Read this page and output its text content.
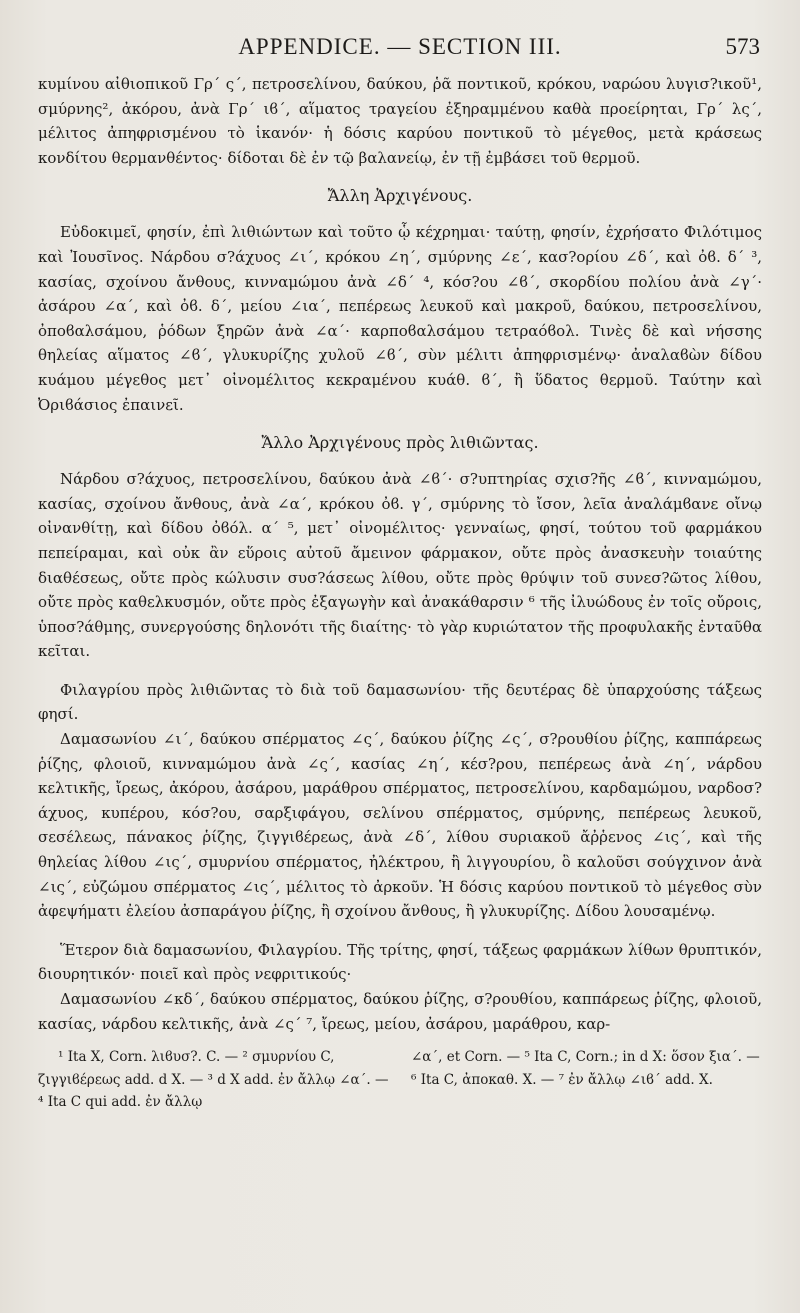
APPENDICE. — SECTION III.	573

κυμίνου αἰθιοπικοῦ Γρ΄ ς΄, πετροσελίνου, δαύκου, ῥᾶ ποντικοῦ, κρόκου, ναρώου λυγισ?ικοῦ¹, σμύρνης², ἀκόρου, ἀνὰ Γρ΄ ιϐ΄, αἵματος τραγείου ἐξηραμμένου καθὰ προείρηται, Γρ΄ λς΄, μέλιτος ἀπηφρισμένου τὸ ἱκανόν· ἡ δόσις καρύου ποντικοῦ τὸ μέγεθος, μετὰ κράσεως κονδίτου θερμανθέντος· δίδοται δὲ ἐν τῷ βαλανείῳ, ἐν τῇ ἐμβάσει τοῦ θερμοῦ.

Ἄλλη Ἀρχιγένους.

Εὐδοκιμεῖ, φησίν, ἐπὶ λιθιώντων καὶ τοῦτο ᾧ κέχρημαι· ταύτῃ, φησίν, ἐχρήσατο Φιλότιμος καὶ Ἰουσῖνος. Νάρδου σ?άχυος ∠ι΄, κρόκου ∠η΄, σμύρνης ∠ε΄, κασ?ορίου ∠δ΄, καὶ ὀϐ. δ΄ ³, κασίας, σχοίνου ἄνθους, κινναμώμου ἀνὰ ∠δ΄ ⁴, κόσ?ου ∠ϐ΄, σκορδίου πολίου ἀνὰ ∠γ΄· ἀσάρου ∠α΄, καὶ ὀϐ. δ΄, μείου ∠ια΄, πεπέρεως λευκοῦ καὶ μακροῦ, δαύκου, πετροσελίνου, ὀποϐαλσάμου, ῥόδων ξηρῶν ἀνὰ ∠α΄· καρποϐαλσάμου τετραόϐολ. Τινὲς δὲ καὶ νήσσης θηλείας αἵματος ∠ϐ΄, γλυκυρίζης χυλοῦ ∠ϐ΄, σὺν μέλιτι ἀπηφρισμένῳ· ἀναλαϐὼν δίδου κυάμου μέγεθος μετ᾽ οἰνομέλιτος κεκραμένου κυάθ. ϐ΄, ἢ ὕδατος θερμοῦ. Ταύτην καὶ Ὀριϐάσιος ἐπαινεῖ.

Ἄλλο Ἀρχιγένους πρὸς λιθιῶντας.

Νάρδου σ?άχυος, πετροσελίνου, δαύκου ἀνὰ ∠ϐ΄· σ?υπτηρίας σχισ?ῆς ∠ϐ΄, κινναμώμου, κασίας, σχοίνου ἄνθους, ἀνὰ ∠α΄, κρόκου ὀϐ. γ΄, σμύρνης τὸ ἴσον, λεῖα ἀναλάμϐανε οἴνῳ οἰνανθίτῃ, καὶ δίδου ὀϐόλ. α΄ ⁵, μετ᾽ οἰνομέλιτος· γενναίως, φησί, τούτου τοῦ φαρμάκου πεπείραμαι, καὶ οὐκ ἂν εὕροις αὐτοῦ ἄμεινον φάρμακον, οὔτε πρὸς ἀνασκευὴν τοιαύτης διαθέσεως, οὔτε πρὸς κώλυσιν συσ?άσεως λίθου, οὔτε πρὸς θρύψιν τοῦ συνεσ?ῶτος λίθου, οὔτε πρὸς καθελκυσμόν, οὔτε πρὸς ἐξαγωγὴν καὶ ἀνακάθαρσιν ⁶ τῆς ἰλυώδους ἐν τοῖς οὔροις, ὑποσ?άθμης, συνεργούσης δηλονότι τῆς διαίτης· τὸ γὰρ κυριώτατον τῆς προφυλακῆς ἐνταῦθα κεῖται.

Φιλαγρίου πρὸς λιθιῶντας τὸ διὰ τοῦ δαμασωνίου· τῆς δευτέρας δὲ ὑπαρχούσης τάξεως φησί.

Δαμασωνίου ∠ι΄, δαύκου σπέρματος ∠ς΄, δαύκου ῥίζης ∠ς΄, σ?ρουθίου ῥίζης, καππάρεως ῥίζης, φλοιοῦ, κινναμώμου ἀνὰ ∠ς΄, κασίας ∠η΄, κέσ?ρου, πεπέρεως ἀνὰ ∠η΄, νάρδου κελτικῆς, ἴρεως, ἀκόρου, ἀσάρου, μαράθρου σπέρματος, πετροσελίνου, καρδαμώμου, ναρδοσ?άχυος, κυπέρου, κόσ?ου, σαρξιφάγου, σελίνου σπέρματος, σμύρνης, πεπέρεως λευκοῦ, σεσέλεως, πάνακος ῥίζης, ζιγγιϐέρεως, ἀνὰ ∠δ΄, λίθου συριακοῦ ἄῤῥενος ∠ις΄, καὶ τῆς θηλείας λίθου ∠ις΄, σμυρνίου σπέρματος, ἠλέκτρου, ἢ λιγγουρίου, ὃ καλοῦσι σούγχινον ἀνὰ ∠ις΄, εὐζώμου σπέρματος ∠ις΄, μέλιτος τὸ ἀρκοῦν. Ἡ δόσις καρύου ποντικοῦ τὸ μέγεθος σὺν ἀφεψήματι ἐλείου ἀσπαράγου ῥίζης, ἢ σχοίνου ἄνθους, ἢ γλυκυρίζης. Δίδου λουσαμένῳ.

Ἕτερον διὰ δαμασωνίου, Φιλαγρίου. Τῆς τρίτης, φησί, τάξεως φαρμάκων λίθων θρυπτικόν, διουρητικόν· ποιεῖ καὶ πρὸς νεφριτικούς·

Δαμασωνίου ∠κδ΄, δαύκου σπέρματος, δαύκου ῥίζης, σ?ρουθίου, καππάρεως ῥίζης, φλοιοῦ, κασίας, νάρδου κελτικῆς, ἀνὰ ∠ς΄ ⁷, ἴρεως, μείου, ἀσάρου, μαράθρου, καρ-

¹ Ita X, Corn. λιϐυσ?. C. — ² σμυρνίου C, ζιγγιϐέρεως add. d X. — ³ d X add. ἐν ἄλλῳ ∠α΄. — ⁴ Ita C qui add. ἐν ἄλλῳ
∠α΄, et Corn. — ⁵ Ita C, Corn.; in d X: ὅσον ξια΄. — ⁶ Ita C, ἀποκαθ. X. — ⁷ ἐν ἄλλῳ ∠ιϐ΄ add. X.
